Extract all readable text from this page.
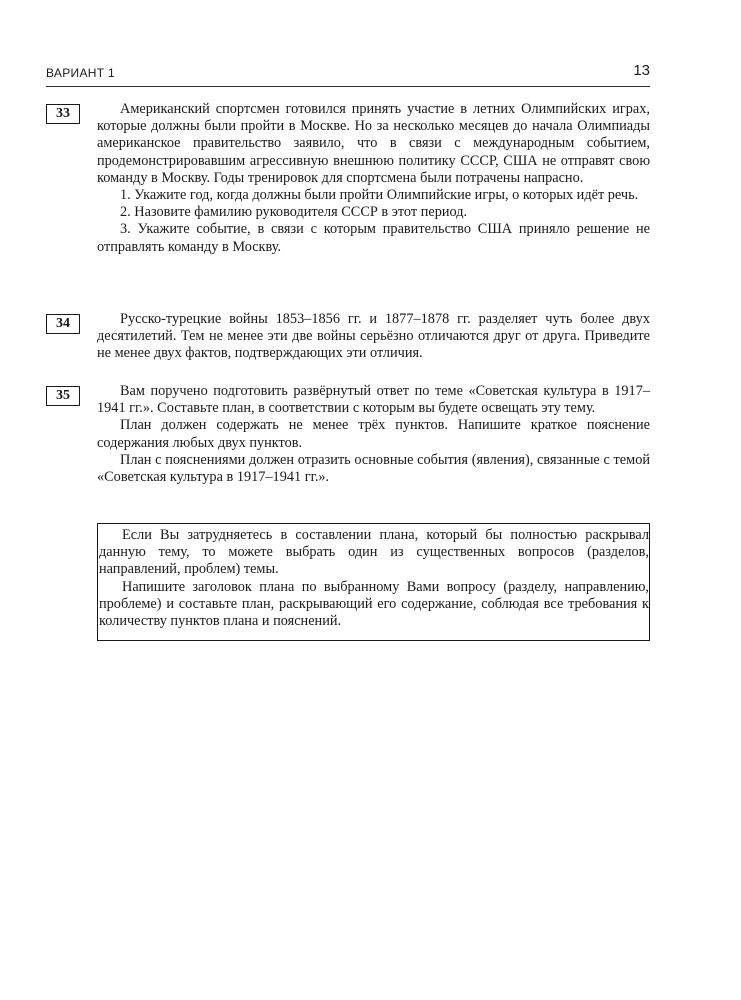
ВАРИАНТ 1	13
33	Американский спортсмен готовился принять участие в летних Олимпийских играх, которые должны были пройти в Москве. Но за несколько месяцев до начала Олимпиады американское правительство заявило, что в связи с международным событием, продемонстрировавшим агрессивную внешнюю политику СССР, США не отправят свою команду в Москву. Годы тренировок для спортсмена были потрачены напрасно.

1. Укажите год, когда должны были пройти Олимпийские игры, о которых идёт речь.

2. Назовите фамилию руководителя СССР в этот период.

3. Укажите событие, в связи с которым правительство США приняло решение не отправлять команду в Москву.

34	Русско-турецкие войны 1853–1856 гг. и 1877–1878 гг. разделяет чуть более двух десятилетий. Тем не менее эти две войны серьёзно отличаются друг от друга. Приведите не менее двух фактов, подтверждающих эти отличия.

35	Вам поручено подготовить развёрнутый ответ по теме «Советская культура в 1917–1941 гг.». Составьте план, в соответствии с которым вы будете освещать эту тему.

План должен содержать не менее трёх пунктов. Напишите краткое пояснение содержания любых двух пунктов.

План с пояснениями должен отразить основные события (явления), связанные с темой «Советская культура в 1917–1941 гг.».

Если Вы затрудняетесь в составлении плана, который бы полностью раскрывал данную тему, то можете выбрать один из существенных вопросов (разделов, направлений, проблем) темы.

Напишите заголовок плана по выбранному Вами вопросу (разделу, направлению, проблеме) и составьте план, раскрывающий его содержание, соблюдая все требования к количеству пунктов плана и пояснений.
